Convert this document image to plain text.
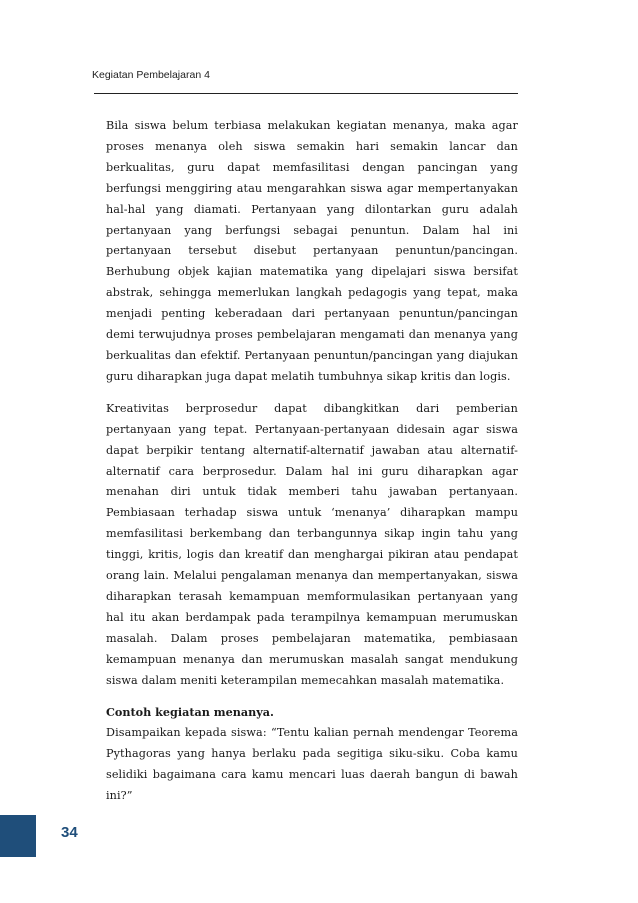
Kegiatan Pembelajaran 4

Bila siswa belum terbiasa melakukan kegiatan menanya, maka agar proses menanya oleh siswa semakin hari semakin lancar dan berkualitas, guru dapat memfasilitasi dengan pancingan yang berfungsi menggiring atau mengarahkan siswa agar mempertanyakan hal-hal yang diamati. Pertanyaan yang dilontarkan guru adalah pertanyaan yang berfungsi sebagai penuntun. Dalam hal ini pertanyaan tersebut disebut pertanyaan penuntun/pancingan. Berhubung objek kajian matematika yang dipelajari siswa bersifat abstrak, sehingga memerlukan langkah pedagogis yang tepat, maka menjadi penting keberadaan dari pertanyaan penuntun/pancingan demi terwujudnya proses pembelajaran mengamati dan menanya yang berkualitas dan efektif. Pertanyaan penuntun/pancingan yang diajukan guru diharapkan juga dapat melatih tumbuhnya sikap kritis dan logis.

Kreativitas berprosedur dapat dibangkitkan dari pemberian pertanyaan yang tepat. Pertanyaan-pertanyaan didesain agar siswa dapat berpikir tentang alternatif-alternatif jawaban atau alternatif-alternatif cara berprosedur. Dalam hal ini guru diharapkan agar menahan diri untuk tidak memberi tahu jawaban pertanyaan. Pembiasaan terhadap siswa untuk ‘menanya’ diharapkan mampu memfasilitasi berkembang dan terbangunnya sikap ingin tahu yang tinggi, kritis, logis dan kreatif dan menghargai pikiran atau pendapat orang lain. Melalui pengalaman menanya dan mempertanyakan, siswa diharapkan terasah kemampuan memformulasikan pertanyaan yang hal itu akan berdampak pada terampilnya kemampuan merumuskan masalah. Dalam proses pembelajaran matematika, pembiasaan kemampuan menanya dan merumuskan masalah sangat mendukung siswa dalam meniti keterampilan memecahkan masalah matematika.

Contoh kegiatan menanya.

Disampaikan kepada siswa: “Tentu kalian pernah mendengar Teorema Pythagoras yang hanya berlaku pada segitiga siku-siku. Coba kamu selidiki bagaimana cara kamu mencari luas daerah bangun di bawah ini?”

34
